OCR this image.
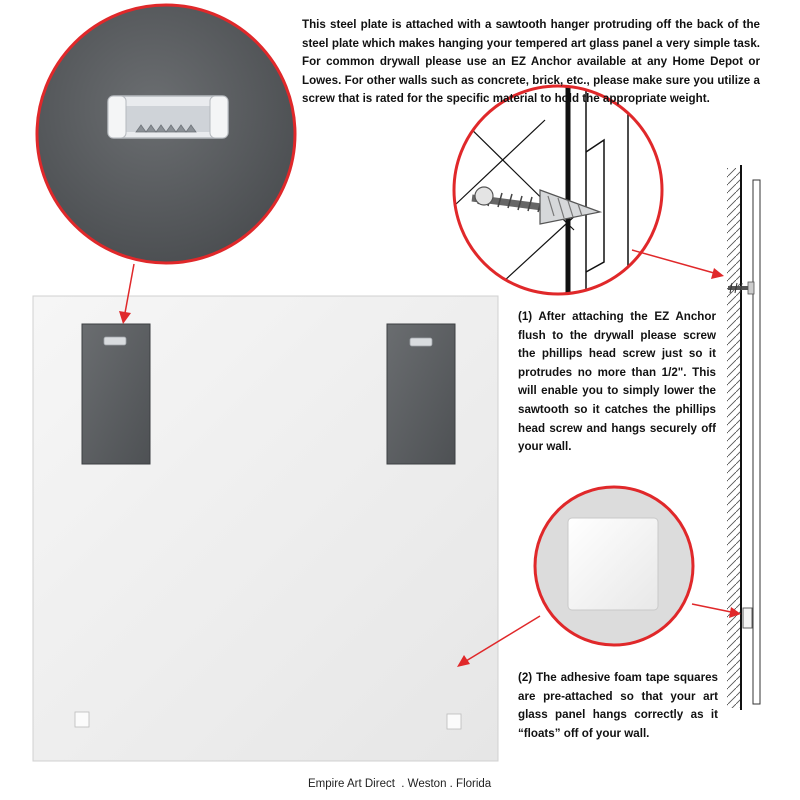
This steel plate is attached with a sawtooth hanger protruding off the back of the steel plate which makes hanging your tempered art glass panel a very simple task. For common drywall please use an EZ Anchor available at any Home Depot or Lowes. For other walls such as concrete, brick, etc., please make sure you utilize a screw that is rated for the specific material to hold the appropriate weight.
(1) After attaching the EZ Anchor flush to the drywall please screw the phillips head screw just so it protrudes no more than 1/2". This will enable you to simply lower the sawtooth so it catches the phillips head screw and hangs securely off your wall.
(2) The adhesive foam tape squares are pre-attached so that your art glass panel hangs correctly as it “floats” off of your wall.
Empire Art Direct  . Weston . Florida
